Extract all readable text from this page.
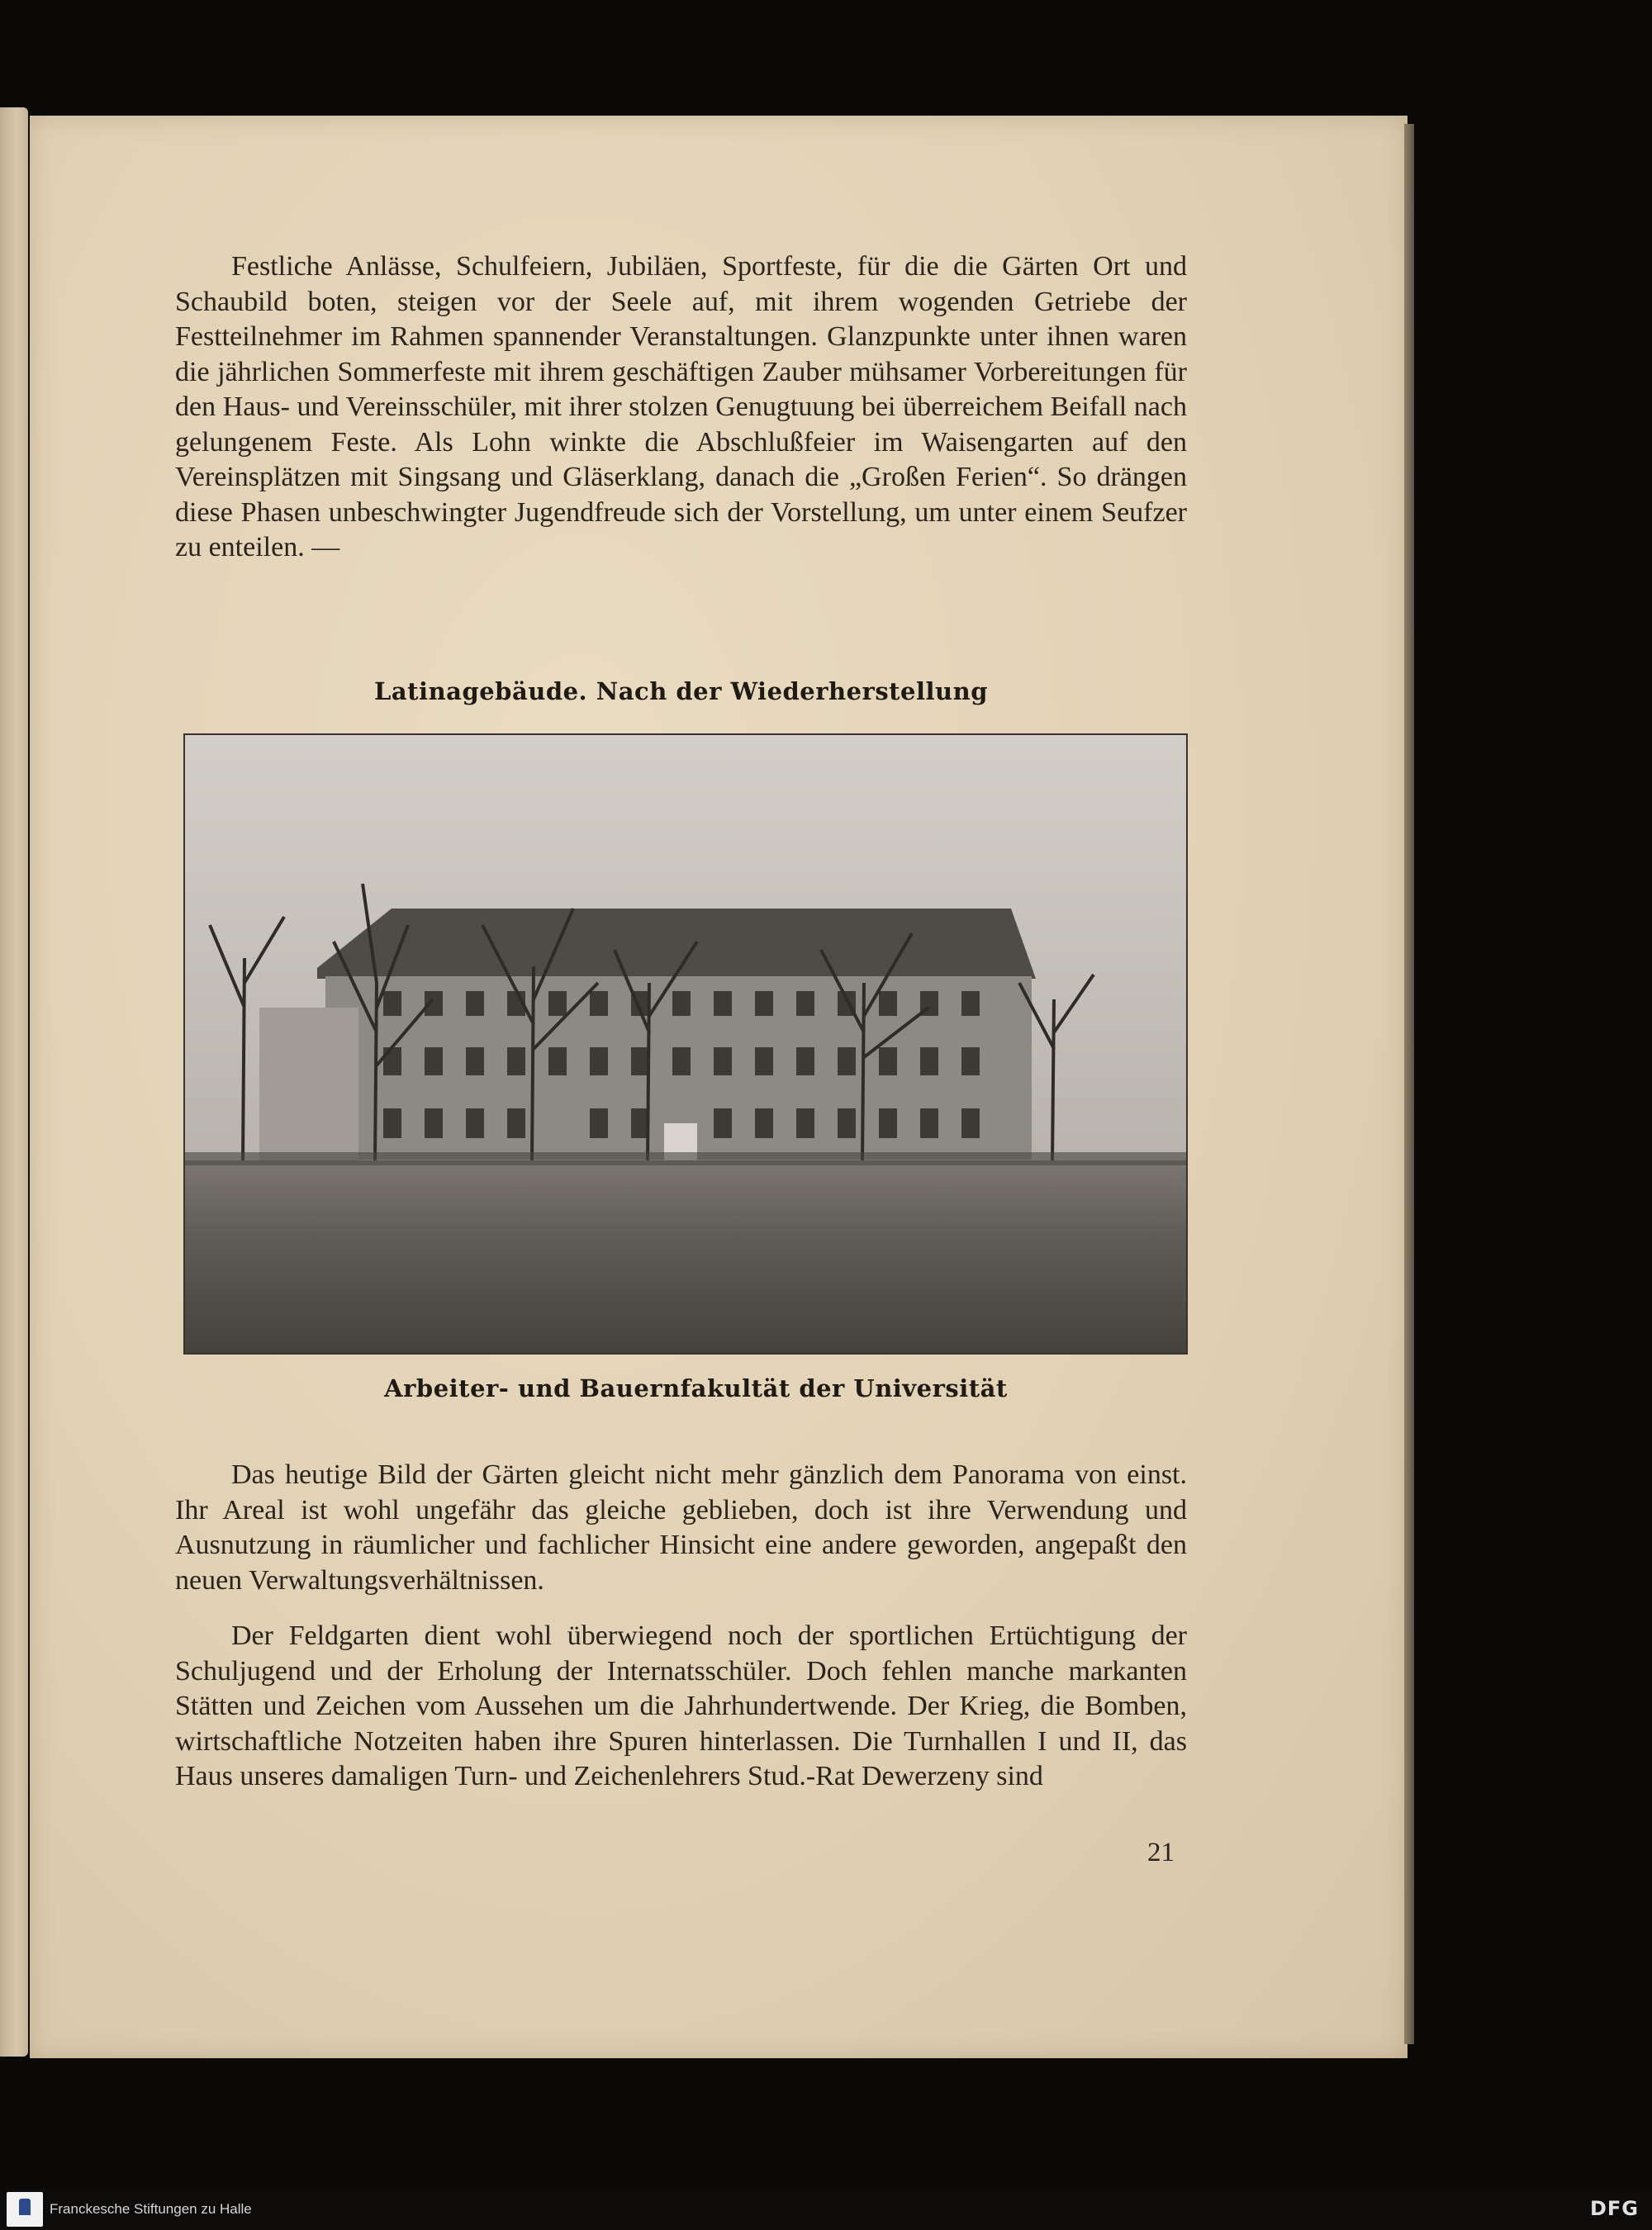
Festliche Anlässe, Schulfeiern, Jubiläen, Sportfeste, für die die Gärten Ort und Schaubild boten, steigen vor der Seele auf, mit ihrem wogenden Getriebe der Festteilnehmer im Rahmen spannender Veranstaltungen. Glanzpunkte unter ihnen waren die jährlichen Sommerfeste mit ihrem geschäftigen Zauber mühsamer Vorbereitungen für den Haus- und Vereinsschüler, mit ihrer stolzen Genugtuung bei überreichem Beifall nach gelungenem Feste. Als Lohn winkte die Abschlußfeier im Waisengarten auf den Vereinsplätzen mit Singsang und Gläserklang, danach die „Großen Ferien“. So drängen diese Phasen unbeschwingter Jugendfreude sich der Vorstellung, um unter einem Seufzer zu enteilen. —

Latinagebäude. Nach der Wiederherstellung
Arbeiter- und Bauernfakultät der Universität

Das heutige Bild der Gärten gleicht nicht mehr gänzlich dem Panorama von einst. Ihr Areal ist wohl ungefähr das gleiche geblieben, doch ist ihre Verwendung und Ausnutzung in räumlicher und fachlicher Hinsicht eine andere geworden, angepaßt den neuen Verwaltungsverhältnissen.

Der Feldgarten dient wohl überwiegend noch der sportlichen Ertüchtigung der Schuljugend und der Erholung der Internatsschüler. Doch fehlen manche markanten Stätten und Zeichen vom Aussehen um die Jahrhundertwende. Der Krieg, die Bomben, wirtschaftliche Notzeiten haben ihre Spuren hinterlassen. Die Turnhallen I und II, das Haus unseres damaligen Turn- und Zeichenlehrers Stud.-Rat Dewerzeny sind

21
Franckesche Stiftungen zu Halle	DFG
